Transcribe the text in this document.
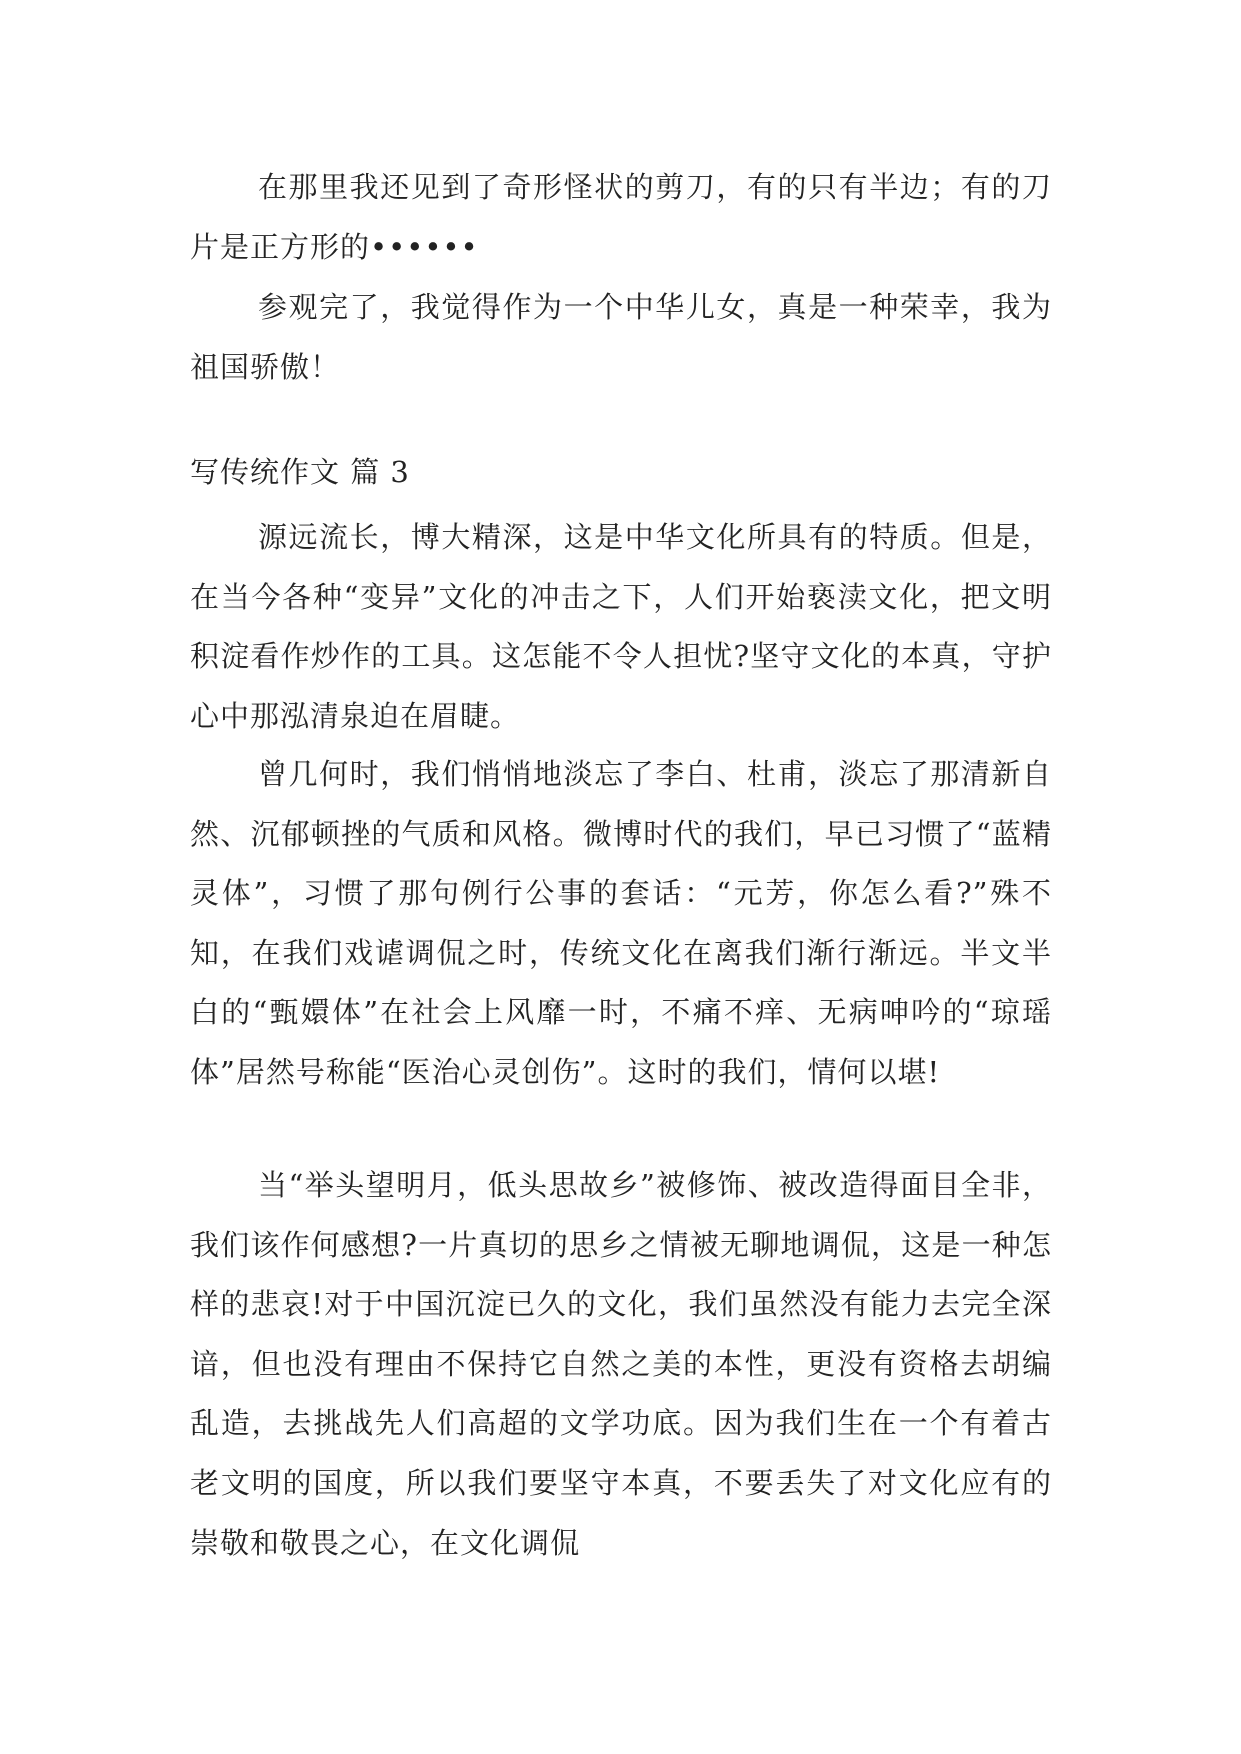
在那里我还见到了奇形怪状的剪刀，有的只有半边；有的刀片是正方形的••••••

参观完了，我觉得作为一个中华儿女，真是一种荣幸，我为祖国骄傲！

写传统作文 篇 3

源远流长，博大精深，这是中华文化所具有的特质。但是，在当今各种“变异”文化的冲击之下，人们开始亵渎文化，把文明积淀看作炒作的工具。这怎能不令人担忧?坚守文化的本真，守护心中那泓清泉迫在眉睫。

曾几何时，我们悄悄地淡忘了李白、杜甫，淡忘了那清新自然、沉郁顿挫的气质和风格。微博时代的我们，早已习惯了“蓝精灵体”，习惯了那句例行公事的套话：“元芳，你怎么看?”殊不知，在我们戏谑调侃之时，传统文化在离我们渐行渐远。半文半白的“甄嬛体”在社会上风靡一时，不痛不痒、无病呻吟的“琼瑶体”居然号称能“医治心灵创伤”。这时的我们，情何以堪!

当“举头望明月，低头思故乡”被修饰、被改造得面目全非，我们该作何感想?一片真切的思乡之情被无聊地调侃，这是一种怎样的悲哀!对于中国沉淀已久的文化，我们虽然没有能力去完全深谙，但也没有理由不保持它自然之美的本性，更没有资格去胡编乱造，去挑战先人们高超的文学功底。因为我们生在一个有着古老文明的国度，所以我们要坚守本真，不要丢失了对文化应有的崇敬和敬畏之心，在文化调侃
